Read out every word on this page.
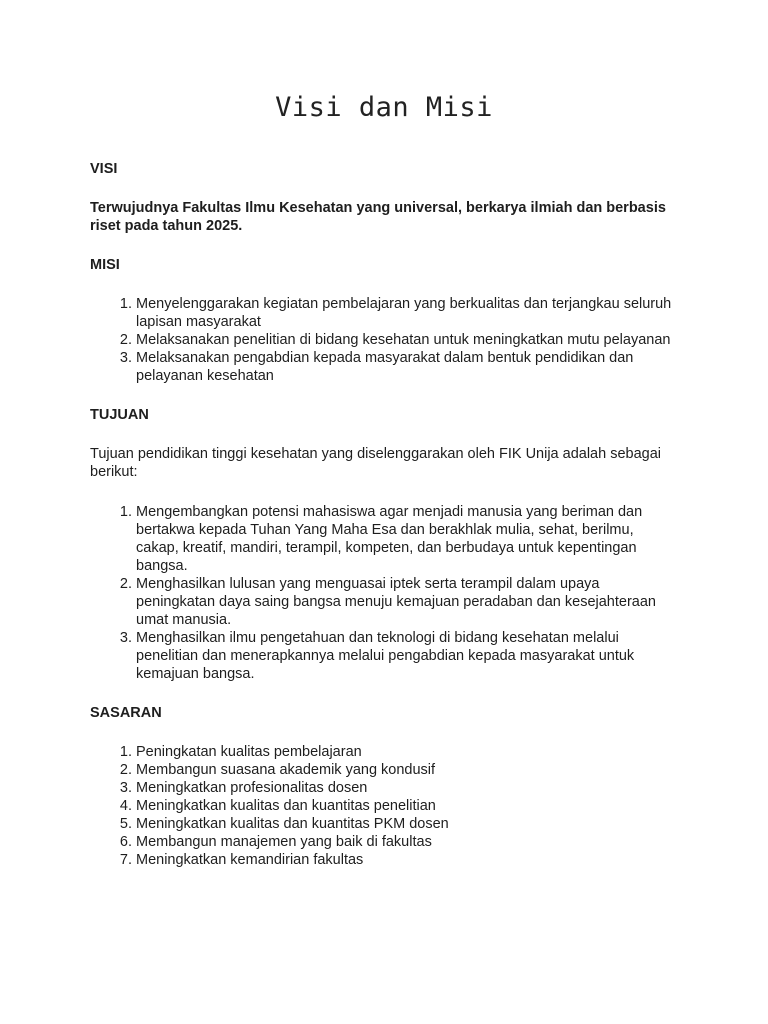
Visi dan Misi

VISI

Terwujudnya Fakultas Ilmu Kesehatan yang universal, berkarya ilmiah dan berbasis riset pada tahun 2025.

MISI

1. Menyelenggarakan kegiatan pembelajaran yang berkualitas dan terjangkau seluruh lapisan masyarakat
2. Melaksanakan penelitian di bidang kesehatan untuk meningkatkan mutu pelayanan
3. Melaksanakan pengabdian kepada masyarakat dalam bentuk pendidikan dan pelayanan kesehatan

TUJUAN

Tujuan pendidikan tinggi kesehatan yang diselenggarakan oleh FIK Unija adalah sebagai berikut:

1. Mengembangkan potensi mahasiswa agar menjadi manusia yang beriman dan bertakwa kepada Tuhan Yang Maha Esa dan berakhlak mulia, sehat, berilmu, cakap, kreatif, mandiri, terampil, kompeten, dan berbudaya untuk kepentingan bangsa.
2. Menghasilkan lulusan yang menguasai iptek serta terampil dalam upaya peningkatan daya saing bangsa menuju kemajuan peradaban dan kesejahteraan umat manusia.
3. Menghasilkan ilmu pengetahuan dan teknologi di bidang kesehatan melalui penelitian dan menerapkannya melalui pengabdian kepada masyarakat untuk kemajuan bangsa.

SASARAN

1. Peningkatan kualitas pembelajaran
2. Membangun suasana akademik yang kondusif
3. Meningkatkan profesionalitas dosen
4. Meningkatkan kualitas dan kuantitas penelitian
5. Meningkatkan kualitas dan kuantitas PKM dosen
6. Membangun manajemen yang baik di fakultas
7. Meningkatkan kemandirian fakultas
